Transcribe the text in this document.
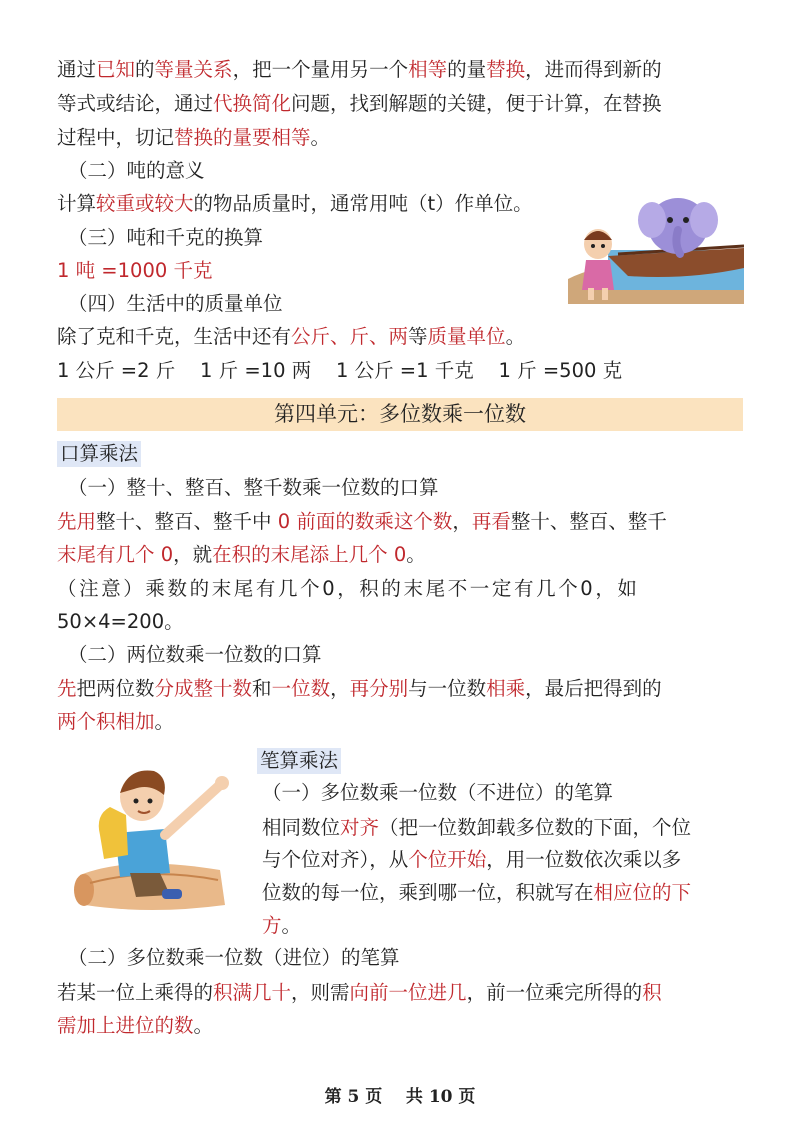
通过已知的等量关系，把一个量用另一个相等的量替换，进而得到新的
等式或结论，通过代换简化问题，找到解题的关键，便于计算，在替换
过程中，切记替换的量要相等。
（二）吨的意义
计算较重或较大的物品质量时，通常用吨（t）作单位。
（三）吨和千克的换算
1 吨 =1000 千克
（四）生活中的质量单位
除了克和千克，生活中还有公斤、斤、两等质量单位。
1 公斤 =2 斤    1 斤 =10 两    1 公斤 =1 千克    1 斤 =500 克
第四单元：多位数乘一位数
口算乘法
（一）整十、整百、整千数乘一位数的口算
先用整十、整百、整千中 0 前面的数乘这个数，再看整十、整百、整千
末尾有几个 0，就在积的末尾添上几个 0。
（注意）乘数的末尾有几个0，积的末尾不一定有几个0，如
50×4=200。
（二）两位数乘一位数的口算
先把两位数分成整十数和一位数，再分别与一位数相乘，最后把得到的
两个积相加。
笔算乘法
（一）多位数乘一位数（不进位）的笔算
相同数位对齐（把一位数卸载多位数的下面，个位
与个位对齐），从个位开始，用一位数依次乘以多
位数的每一位，乘到哪一位，积就写在相应位的下
方。
（二）多位数乘一位数（进位）的笔算
若某一位上乘得的积满几十，则需向前一位进几，前一位乘完所得的积
需加上进位的数。
第 5 页    共 10 页
